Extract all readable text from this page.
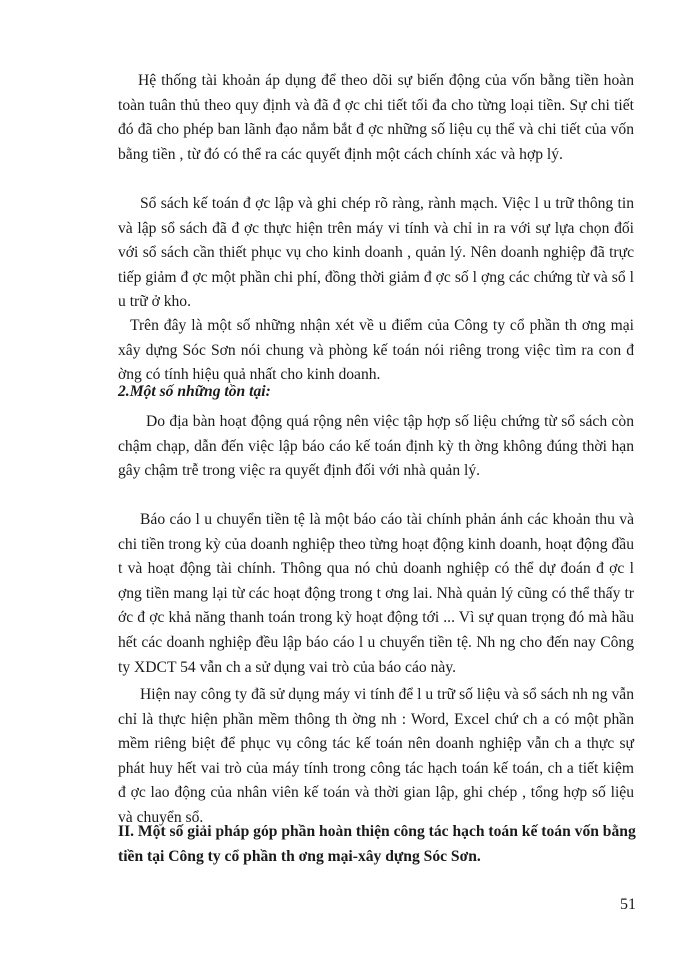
Hệ thống tài khoản áp dụng để theo dõi sự biến động của vốn bằng tiền hoàn toàn tuân thủ theo quy định và đã đ ợc chi tiết tối đa cho từng loại tiền. Sự chi tiết đó đã cho phép ban lãnh đạo nắm bắt đ ợc những số liệu cụ thể và chi tiết của vốn bằng tiền , từ đó có thể ra các quyết định một cách chính xác và hợp lý.

Sổ sách kế toán đ ợc lập và ghi chép rõ ràng, rành mạch. Việc l u trữ thông tin và lập sổ sách đã đ ợc thực hiện trên máy vi tính và chỉ in ra với sự lựa chọn đối với sổ sách cần thiết phục vụ cho kinh doanh , quản lý. Nên doanh nghiệp đã trực tiếp giảm đ ợc một phần chi phí, đồng thời giảm đ ợc số l ợng các chứng từ và sổ l u trữ ở kho.

Trên đây là một số những nhận xét về u điểm của Công ty cổ phần th ơng mại xây dựng Sóc Sơn nói chung và phòng kế toán nói riêng trong việc tìm ra con đ ờng có tính hiệu quả nhất cho kinh doanh.

2.Một số những tồn tại:

Do địa bàn hoạt động quá rộng nên việc tập hợp số liệu chứng từ sổ sách còn chậm chạp, dẫn đến việc lập báo cáo kế toán định kỳ th ờng không đúng thời hạn gây chậm trễ trong việc ra quyết định đối với nhà quản lý.

Báo cáo l u chuyển tiền tệ là một báo cáo tài chính phản ánh các khoản thu và chi tiền trong kỳ của doanh nghiệp theo từng hoạt động kinh doanh, hoạt động đầu t và hoạt động tài chính. Thông qua nó chủ doanh nghiệp có thể dự đoán đ ợc l ợng tiền mang lại từ các hoạt động trong t ơng lai. Nhà quản lý cũng có thể thấy tr ớc đ ợc khả năng thanh toán trong kỳ hoạt động tới ... Vì sự quan trọng đó mà hầu hết các doanh nghiệp đều lập báo cáo l u chuyển tiền tệ. Nh ng cho đến nay Công ty XDCT 54 vẫn ch a sử dụng vai trò của báo cáo này.

Hiện nay công ty đã sử dụng máy vi tính để l u trữ số liệu và sổ sách nh ng vẫn chỉ là thực hiện phần mềm thông th ờng nh : Word, Excel chứ ch a có một phần mềm riêng biệt để phục vụ công tác kế toán nên doanh nghiệp vẫn ch a thực sự phát huy hết vai trò của máy tính trong công tác hạch toán kế toán, ch a tiết kiệm đ ợc lao động của nhân viên kế toán và thời gian lập, ghi chép , tổng hợp số liệu và chuyển sổ.

II. Một số giải pháp góp phần hoàn thiện công tác hạch toán kế toán vốn bằng tiền tại Công ty cổ phần th ơng mại-xây dựng Sóc Sơn.

51
